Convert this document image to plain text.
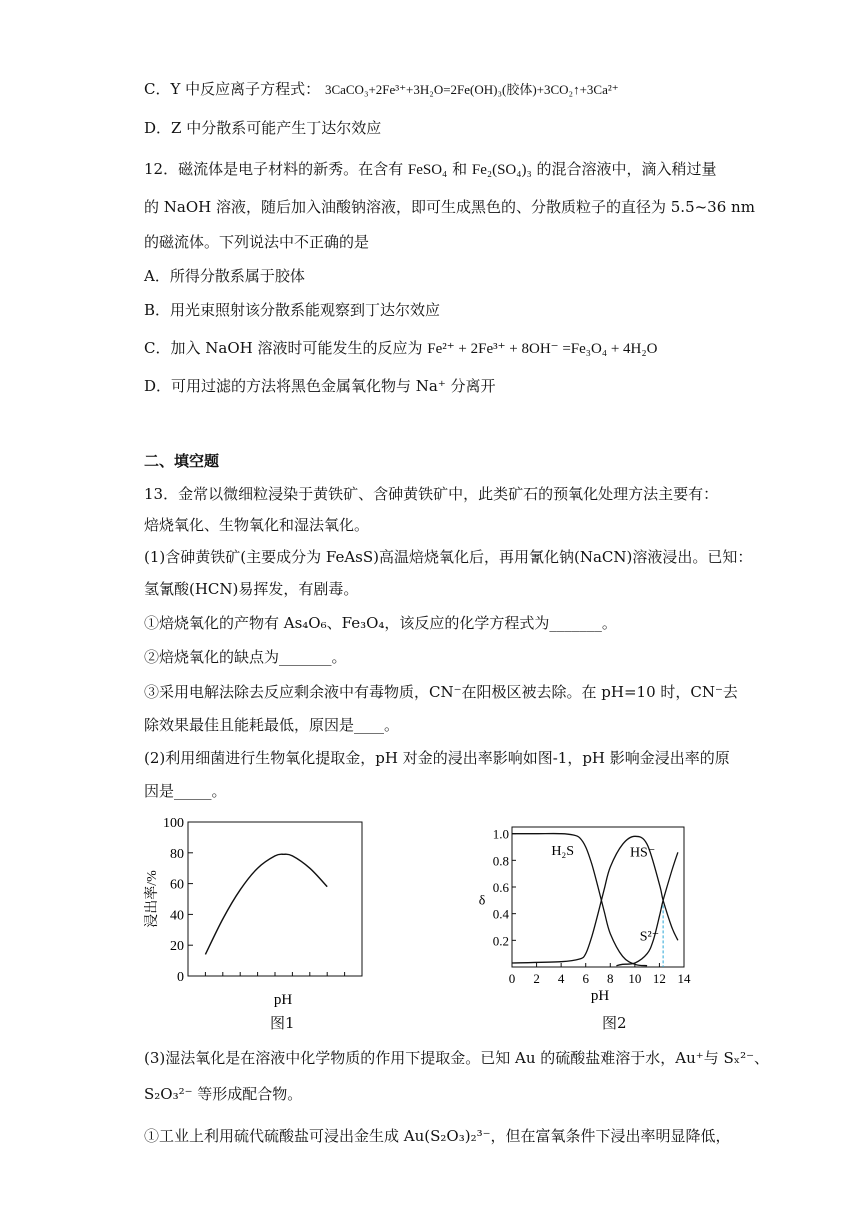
C．Y 中反应离子方程式： 3CaCO₃+2Fe³⁺+3H₂O=2Fe(OH)₃(胶体)+3CO₂↑+3Ca²⁺
D．Z 中分散系可能产生丁达尔效应
12．磁流体是电子材料的新秀。在含有 FeSO₄ 和 Fe₂(SO₄)₃ 的混合溶液中，滴入稍过量
的 NaOH 溶液，随后加入油酸钠溶液，即可生成黑色的、分散质粒子的直径为 5.5~36 nm
的磁流体。下列说法中不正确的是
A．所得分散系属于胶体
B．用光束照射该分散系能观察到丁达尔效应
C．加入 NaOH 溶液时可能发生的反应为 Fe²⁺ + 2Fe³⁺ + 8OH⁻ =Fe₃O₄ + 4H₂O
D．可用过滤的方法将黑色金属氧化物与 Na⁺ 分离开
二、填空题
13．金常以微细粒浸染于黄铁矿、含砷黄铁矿中，此类矿石的预氧化处理方法主要有：
焙烧氧化、生物氧化和湿法氧化。
(1)含砷黄铁矿(主要成分为 FeAsS)高温焙烧氧化后，再用氰化钠(NaCN)溶液浸出。已知：
氢氰酸(HCN)易挥发，有剧毒。
①焙烧氧化的产物有 As₄O₆、Fe₃O₄，该反应的化学方程式为_______。
②焙烧氧化的缺点为_______。
③采用电解法除去反应剩余液中有毒物质，CN⁻在阳极区被去除。在 pH=10 时，CN⁻去
除效果最佳且能耗最低，原因是____。
(2)利用细菌进行生物氧化提取金，pH 对金的浸出率影响如图-1，pH 影响金浸出率的原
因是_____。
0
20
40
60
80
100
浸出率/%
pH
图1
0.2
0.4
0.6
0.8
1.0
0 2 4 6 8 10 12 14
δ
pH
H₂S	HS⁻
S²⁻
图2
(3)湿法氧化是在溶液中化学物质的作用下提取金。已知 Au 的硫酸盐难溶于水，Au⁺与 Sₓ²⁻、
S₂O₃²⁻ 等形成配合物。
①工业上利用硫代硫酸盐可浸出金生成 Au(S₂O₃)₂³⁻，但在富氧条件下浸出率明显降低，
